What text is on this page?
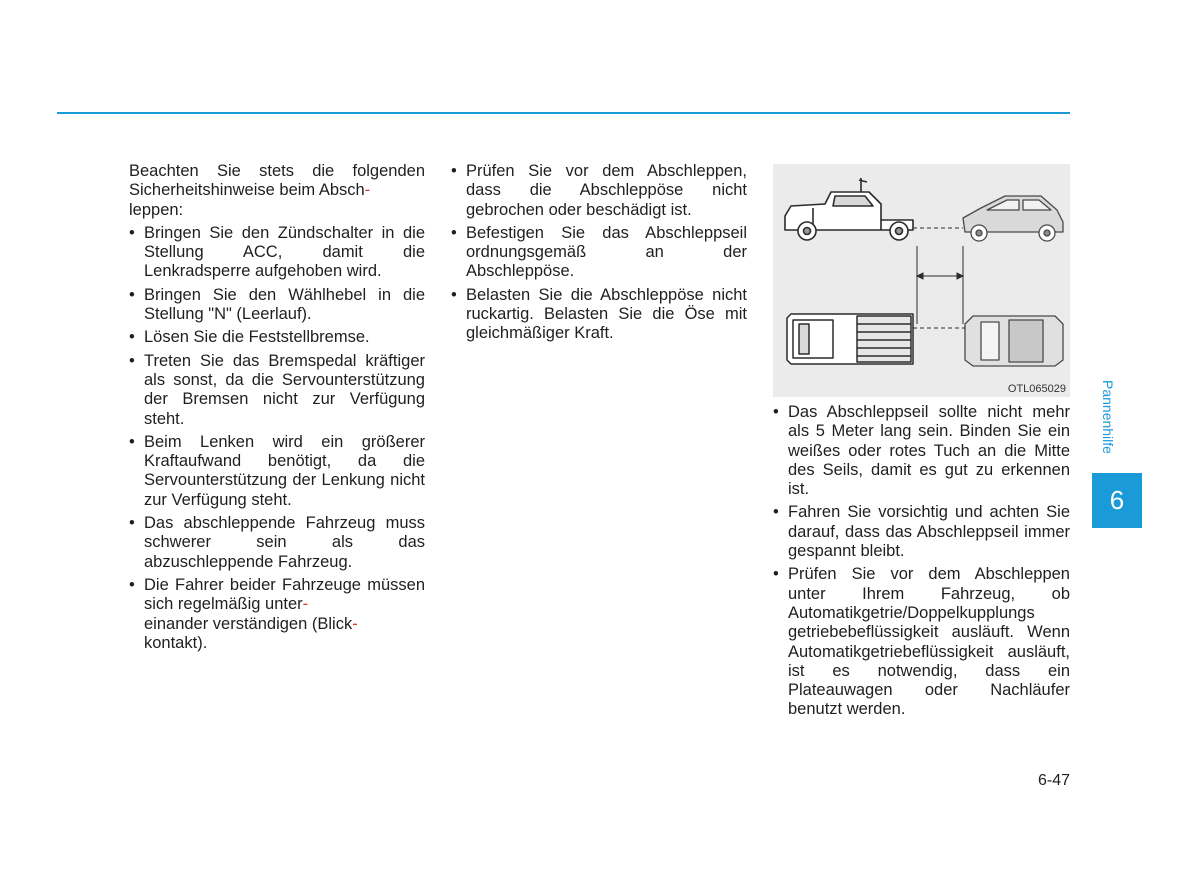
Beachten Sie stets die folgenden Sicherheitshinweise beim Absch-
leppen:

• Bringen Sie den Zündschalter in die Stellung ACC, damit die Lenkradsperre aufgehoben wird.
• Bringen Sie den Wählhebel in die Stellung "N" (Leerlauf).
• Lösen Sie die Feststellbremse.
• Treten Sie das Bremspedal kräftiger als sonst, da die Servounterstützung der Bremsen nicht zur Verfügung steht.
• Beim Lenken wird ein größerer Kraftaufwand benötigt, da die Servounterstützung der Lenkung nicht zur Verfügung steht.
• Das abschleppende Fahrzeug muss schwerer sein als das abzuschleppende Fahrzeug.
• Die Fahrer beider Fahrzeuge müssen sich regelmäßig unter-
einander verständigen (Blick-
kontakt).
• Prüfen Sie vor dem Abschleppen, dass die Abschleppöse nicht gebrochen oder beschädigt ist.
• Befestigen Sie das Abschleppseil ordnungsgemäß an der Abschleppöse.
• Belasten Sie die Abschleppöse nicht ruckartig. Belasten Sie die Öse mit gleichmäßiger Kraft.
OTL065029
• Das Abschleppseil sollte nicht mehr als 5 Meter lang sein. Binden Sie ein weißes oder rotes Tuch an die Mitte des Seils, damit es gut zu erkennen ist.
• Fahren Sie vorsichtig und achten Sie darauf, dass das Abschleppseil immer gespannt bleibt.
• Prüfen Sie vor dem Abschleppen unter Ihrem Fahrzeug, ob Automatikgetrie/Doppelkupplungs getriebebeflüssigkeit ausläuft. Wenn Automatikgetriebeflüssigkeit ausläuft, ist es notwendig, dass ein Plateauwagen oder Nachläufer benutzt werden.
Pannenhilfe
6
6-47
